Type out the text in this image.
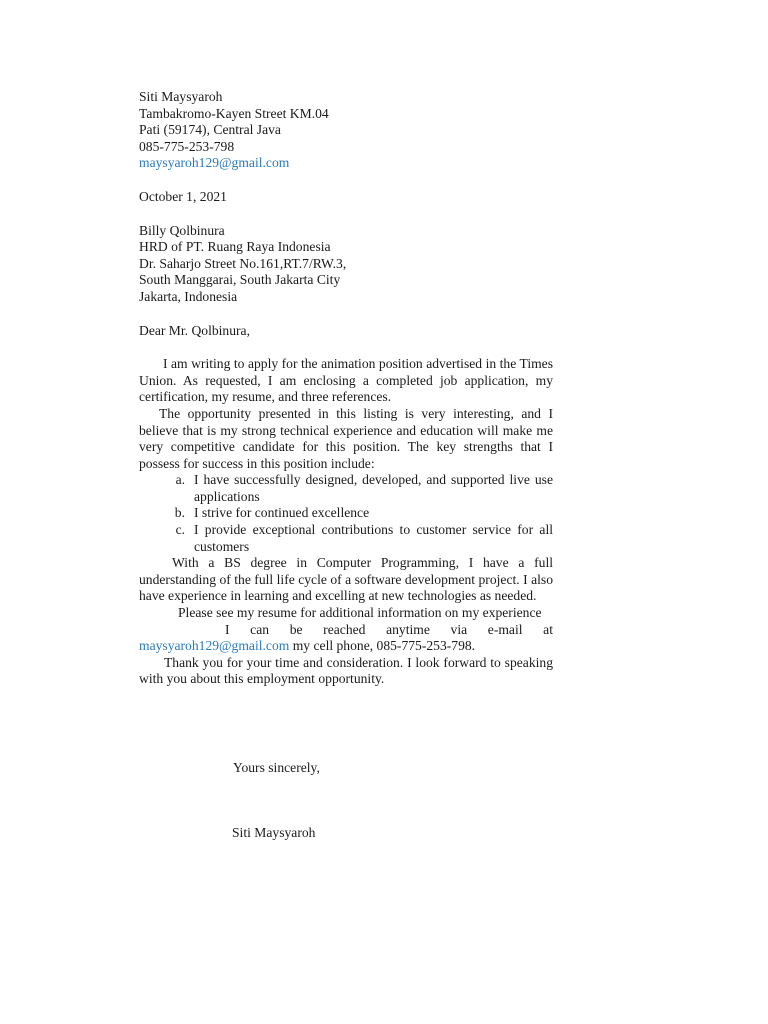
Siti Maysyaroh

Tambakromo-Kayen Street KM.04

Pati (59174), Central Java

085-775-253-798

maysyaroh129@gmail.com

October 1, 2021

Billy Qolbinura

HRD of PT. Ruang Raya Indonesia

Dr. Saharjo Street No.161,RT.7/RW.3,

South Manggarai, South Jakarta City

Jakarta, Indonesia

Dear Mr. Qolbinura,

I am writing to apply for the animation position advertised in the Times Union. As requested, I am enclosing a completed job application, my certification, my resume, and three references.

The opportunity presented in this listing is very interesting, and I believe that is my strong technical experience and education will make me very competitive candidate for this position. The key strengths that I possess for success in this position include:

a. I have successfully designed, developed, and supported live use applications
b. I strive for continued excellence
c. I provide exceptional contributions to customer service for all customers

With a BS degree in Computer Programming, I have a full understanding of the full life cycle of a software development project. I also have experience in learning and excelling at new technologies as needed.

Please see my resume for additional information on my experience

I can be reached anytime via e-mail at

maysyaroh129@gmail.com my cell phone, 085-775-253-798.

Thank you for your time and consideration. I look forward to speaking with you about this employment opportunity.

Yours sincerely,

Siti Maysyaroh
